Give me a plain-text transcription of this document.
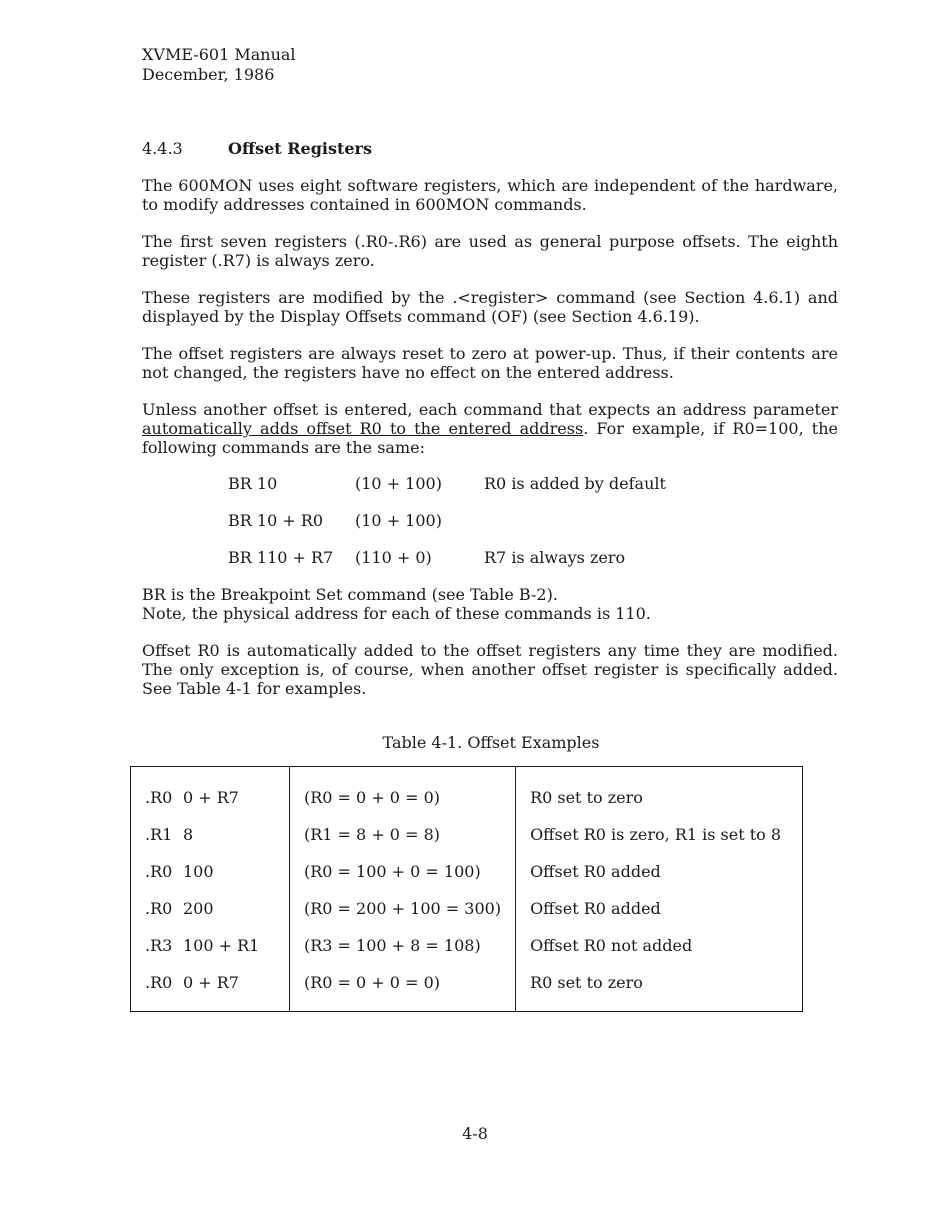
XVME-601 Manual
December, 1986
4.4.3	Offset Registers
The 600MON uses eight software registers, which are independent of the hardware, to modify addresses contained in 600MON commands.
The first seven registers (.R0-.R6) are used as general purpose offsets. The eighth register (.R7) is always zero.
These registers are modified by the .<register> command (see Section 4.6.1) and displayed by the Display Offsets command (OF) (see Section 4.6.19).
The offset registers are always reset to zero at power-up. Thus, if their contents are not changed, the registers have no effect on the entered address.
Unless another offset is entered, each command that expects an address parameter automatically adds offset R0 to the entered address. For example, if R0=100, the following commands are the same:
BR 10	(10 + 100)	R0 is added by default
BR 10 + R0 (10 + 100)
BR 110 + R7 (110 + 0)	R7 is always zero
BR is the Breakpoint Set command (see Table B-2).
Note, the physical address for each of these commands is 110.
Offset R0 is automatically added to the offset registers any time they are modified. The only exception is, of course, when another offset register is specifically added. See Table 4-1 for examples.
Table 4-1. Offset Examples
.R0 0 + R7	(R0 = 0 + 0 = 0)	R0 set to zero
.R1 8	(R1 = 8 + 0 = 8)	Offset R0 is zero, R1 is set to 8
.R0 100	(R0 = 100 + 0 = 100)	Offset R0 added
.R0 200	(R0 = 200 + 100 = 300)	Offset R0 added
.R3 100 + R1	(R3 = 100 + 8 = 108)	Offset R0 not added
.R0 0 + R7	(R0 = 0 + 0 = 0)	R0 set to zero
4-8
